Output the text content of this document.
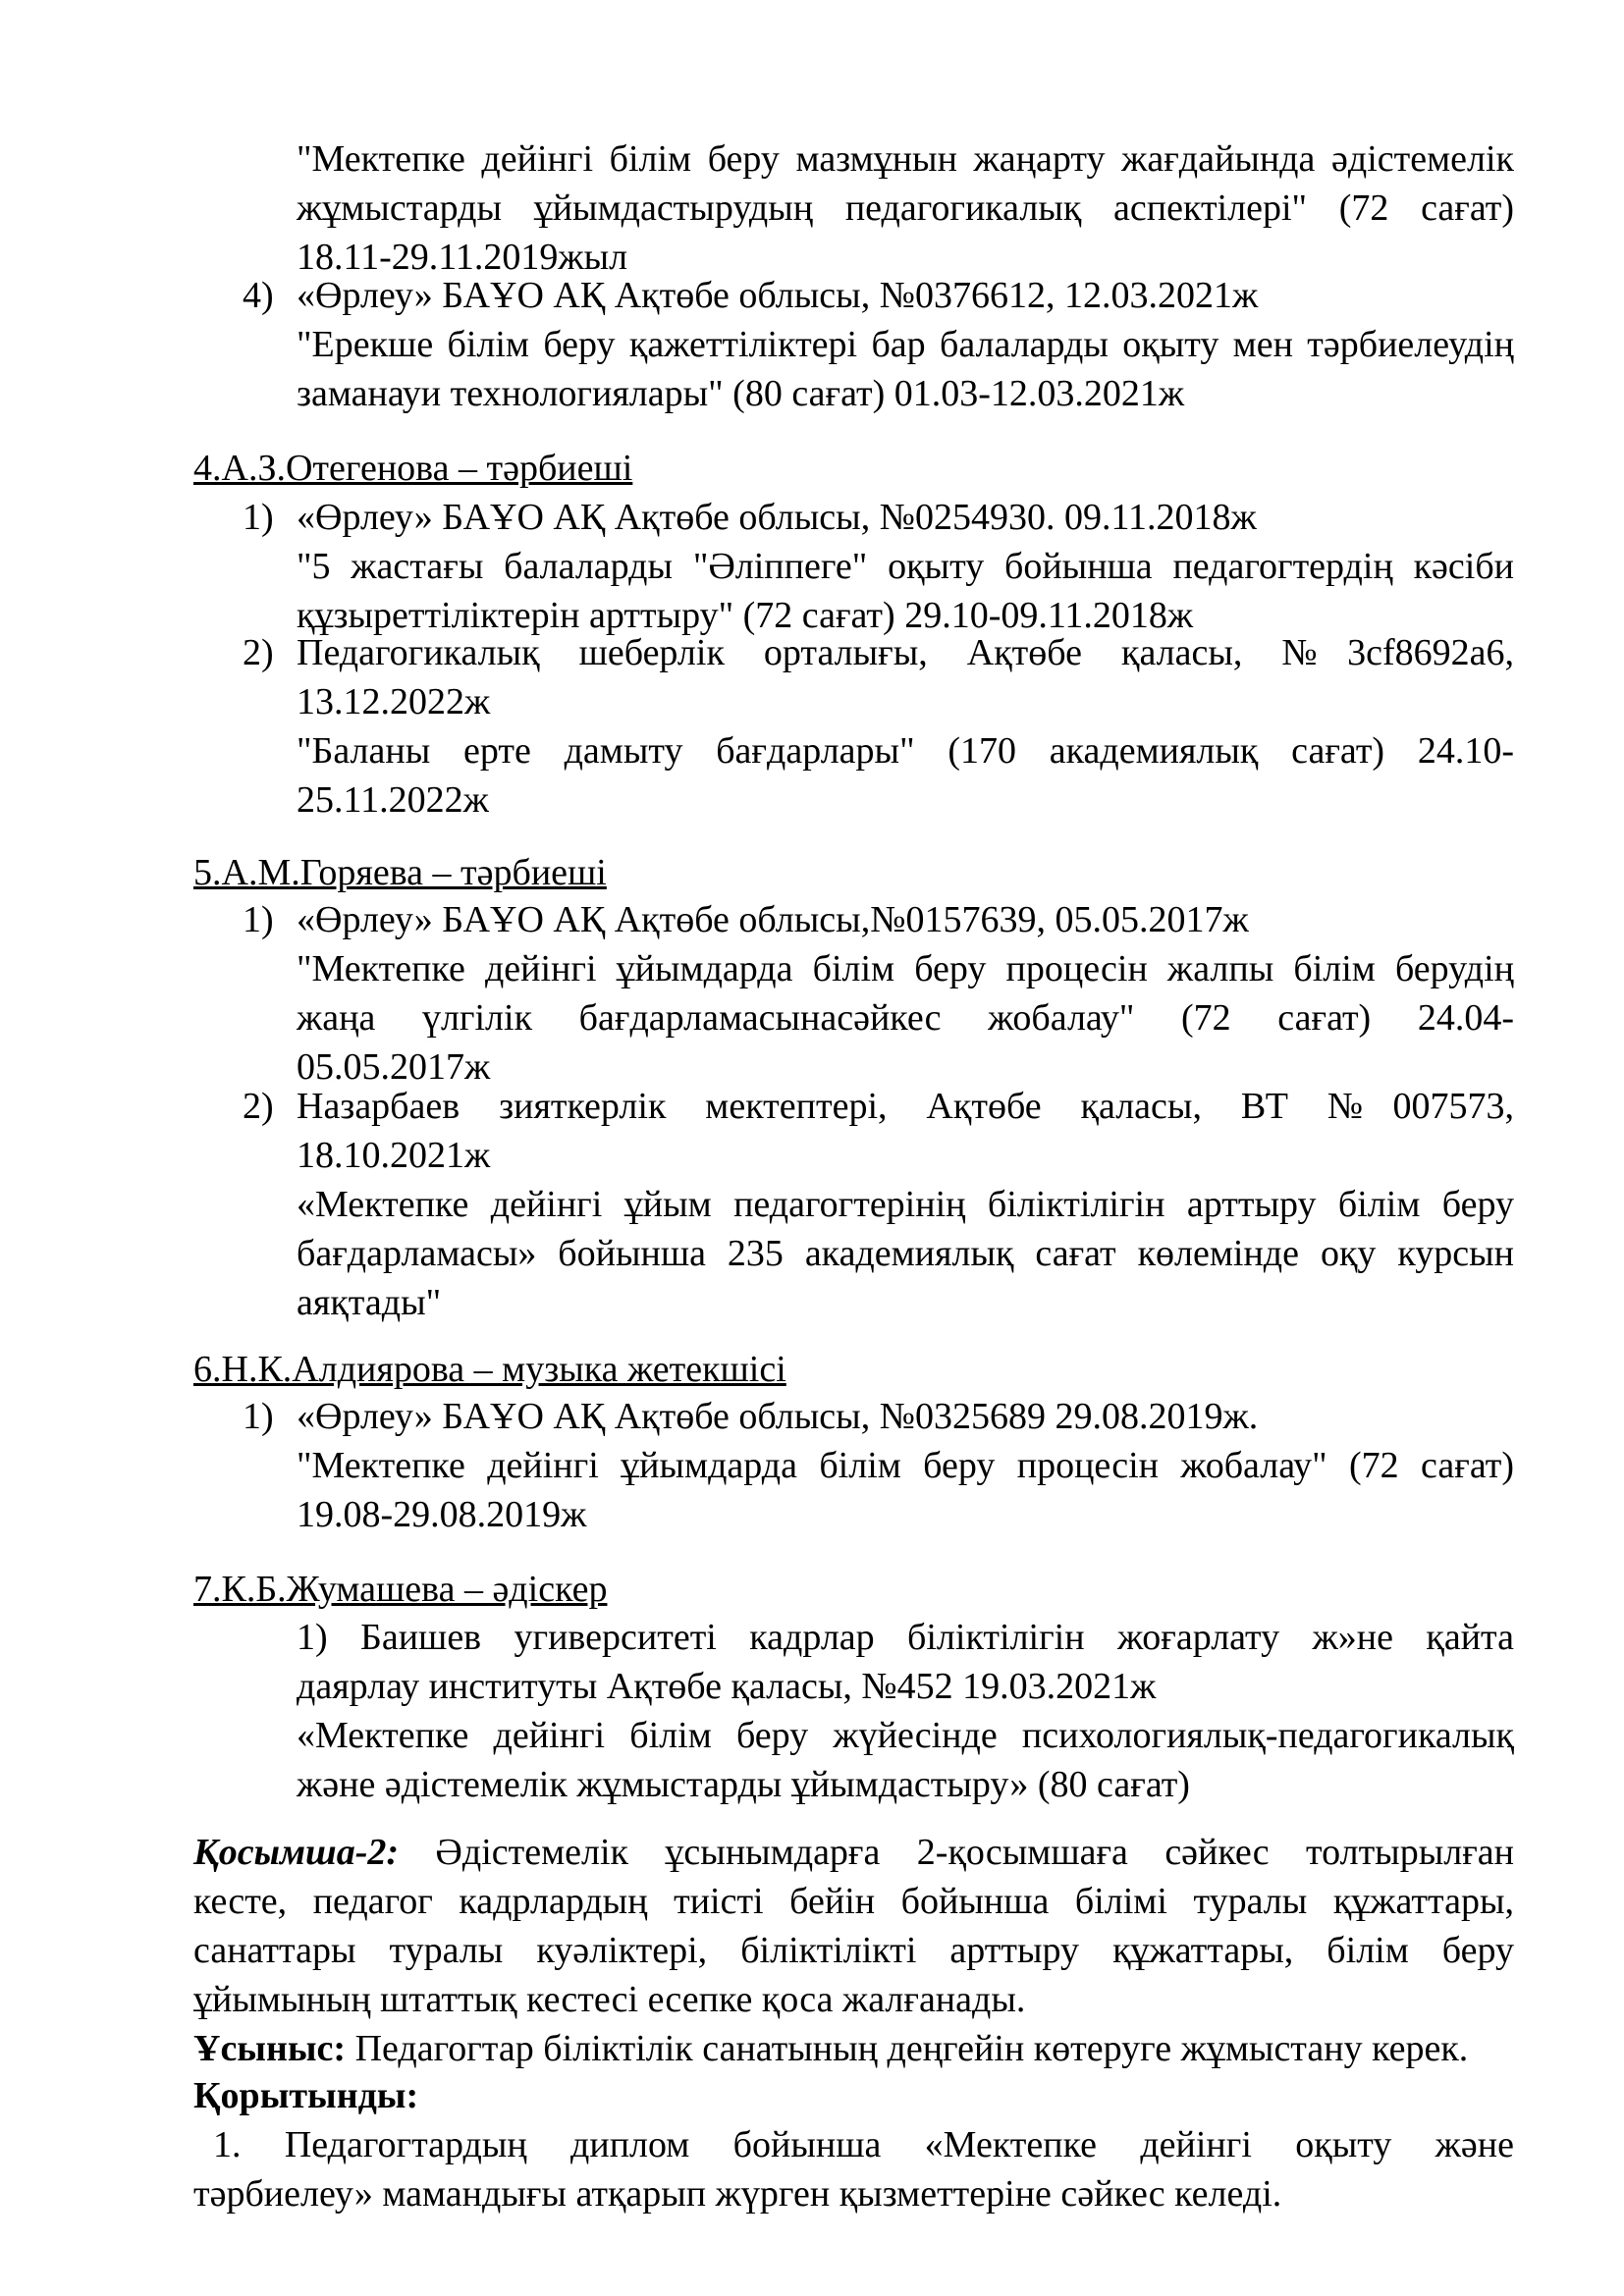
"Мектепке дейінгі білім беру мазмұнын жаңарту жағдайында әдістемелік
жұмыстарды ұйымдастырудың педагогикалық аспектілері" (72 сағат)
18.11-29.11.2019жыл
4) «Өрлеу» БАҰО АҚ Ақтөбе облысы, №0376612, 12.03.2021ж
"Ерекше білім беру қажеттіліктері бар балаларды оқыту мен тәрбиелеудің
заманауи технологиялары" (80 сағат) 01.03-12.03.2021ж
4.А.З.Отегенова – тәрбиеші
1) «Өрлеу» БАҰО АҚ Ақтөбе облысы, №0254930. 09.11.2018ж
"5 жастағы балаларды "Әліппеге" оқыту бойынша педагогтердің кәсіби
құзыреттіліктерін арттыру" (72 сағат) 29.10-09.11.2018ж
2) Педагогикалық шеберлік орталығы, Ақтөбе қаласы, №3cf8692a6,
13.12.2022ж
"Баланы ерте дамыту бағдарлары" (170 академиялық сағат) 24.10-
25.11.2022ж
5.А.М.Горяева – тәрбиеші
1) «Өрлеу» БАҰО АҚ Ақтөбе облысы,№0157639, 05.05.2017ж
"Мектепке дейінгі ұйымдарда білім беру процесін жалпы білім берудің
жаңа үлгілік бағдарламасынасәйкес жобалау" (72 сағат) 24.04-
05.05.2017ж
2) Назарбаев зияткерлік мектептері, Ақтөбе қаласы, ВТ №007573,
18.10.2021ж
«Мектепке дейінгі ұйым педагогтерінің біліктілігін арттыру білім беру
бағдарламасы» бойынша 235 академиялық сағат көлемінде оқу курсын
аяқтады"
6.Н.К.Алдиярова – музыка жетекшісі
1) «Өрлеу» БАҰО АҚ Ақтөбе облысы, №0325689 29.08.2019ж.
"Мектепке дейінгі ұйымдарда білім беру процесін жобалау" (72 сағат)
19.08-29.08.2019ж
7.К.Б.Жумашева – әдіскер
1) Баишев угиверситеті кадрлар біліктілігін жоғарлату ж»не қайта
даярлау институты Ақтөбе қаласы, №452 19.03.2021ж
«Мектепке дейінгі білім беру жүйесінде психологиялық-педагогикалық
және әдістемелік жұмыстарды ұйымдастыру» (80 сағат)
Қосымша-2: Әдістемелік ұсынымдарға 2-қосымшаға сәйкес толтырылған
кесте, педагог кадрлардың тиісті бейін бойынша білімі туралы құжаттары,
санаттары туралы куәліктері, біліктілікті арттыру құжаттары, білім беру
ұйымының штаттық кестесі есепке қоса жалғанады.
Ұсыныс: Педагогтар біліктілік санатының деңгейін көтеруге жұмыстану керек.
Қорытынды:
1. Педагогтардың диплом бойынша «Мектепке дейінгі оқыту және
тәрбиелеу» мамандығы атқарып жүрген қызметтеріне сәйкес келеді.
